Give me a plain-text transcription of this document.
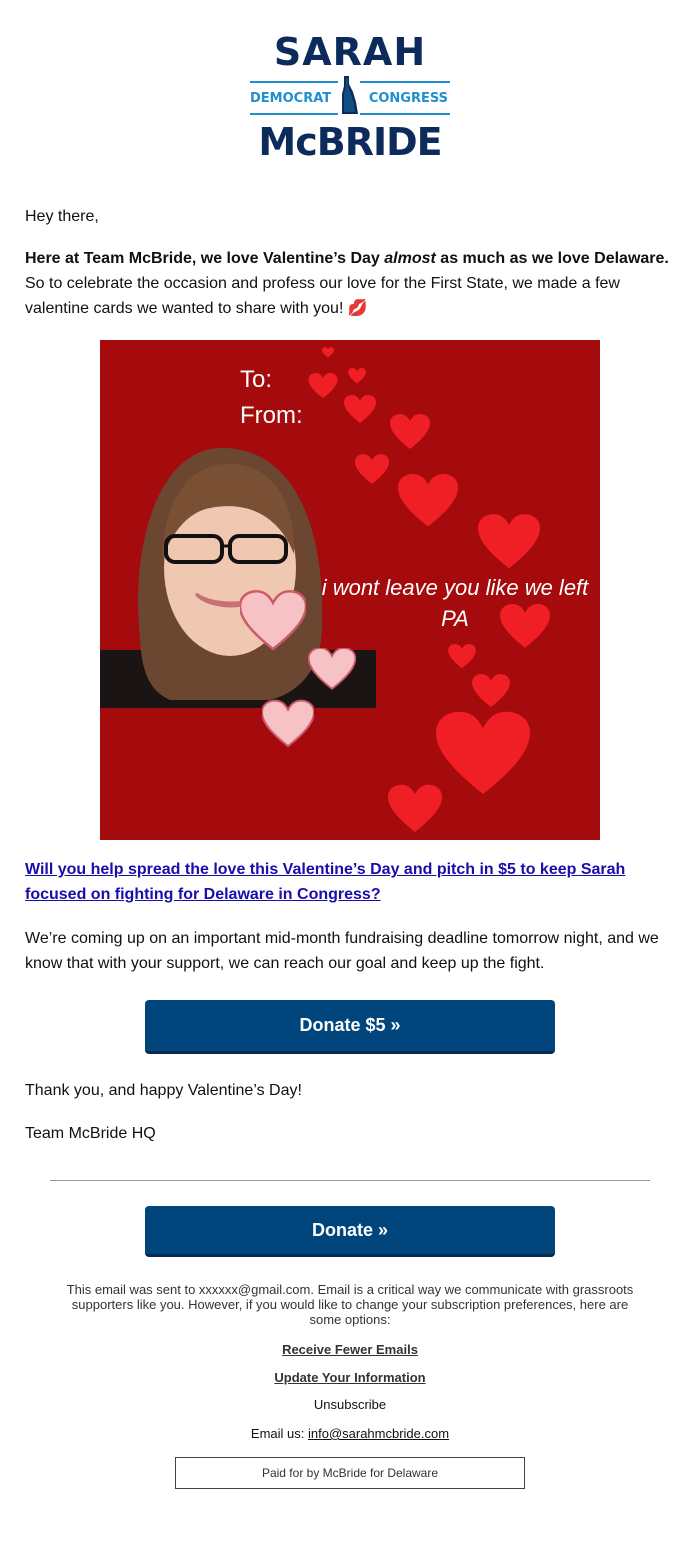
SARAH
DEMOCRAT	CONGRESS
McBRIDE

Hey there,

Here at Team McBride, we love Valentine’s Day almost as much as we love Delaware. So to celebrate the occasion and profess our love for the First State, we made a few valentine cards we wanted to share with you! 💋

To:
From:
i wont leave you like we left PA

Will you help spread the love this Valentine’s Day and pitch in $5 to keep Sarah focused on fighting for Delaware in Congress?

We’re coming up on an important mid-month fundraising deadline tomorrow night, and we know that with your support, we can reach our goal and keep up the fight.

Donate $5 »

Thank you, and happy Valentine’s Day!

Team McBride HQ

Donate »

This email was sent to xxxxxx@gmail.com. Email is a critical way we communicate with grassroots supporters like you. However, if you would like to change your subscription preferences, here are some options:

Receive Fewer Emails

Update Your Information

Unsubscribe

Email us: info@sarahmcbride.com

Paid for by McBride for Delaware
